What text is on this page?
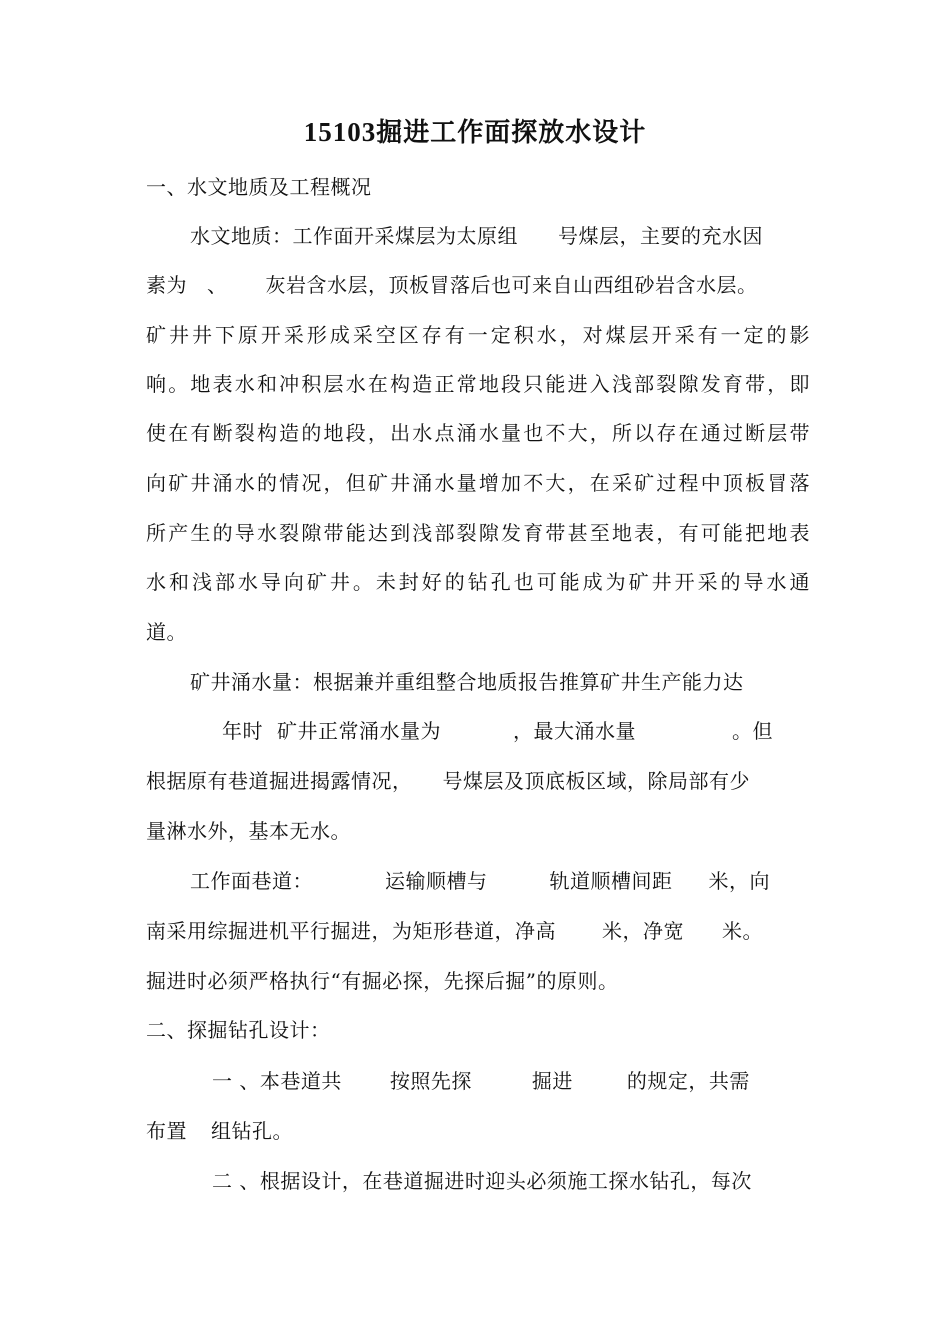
15103掘进工作面探放水设计
一、水文地质及工程概况
水文地质：工作面开采煤层为太原组 号煤层，主要的充水因
素为 、 灰岩含水层，顶板冒落后也可来自山西组砂岩含水层。
矿井井下原开采形成采空区存有一定积水，对煤层开采有一定的影
响。地表水和冲积层水在构造正常地段只能进入浅部裂隙发育带，即
使在有断裂构造的地段，出水点涌水量也不大，所以存在通过断层带
向矿井涌水的情况，但矿井涌水量增加不大，在采矿过程中顶板冒落
所产生的导水裂隙带能达到浅部裂隙发育带甚至地表，有可能把地表
水和浅部水导向矿井。未封好的钻孔也可能成为矿井开采的导水通
道。
矿井涌水量：根据兼并重组整合地质报告推算矿井生产能力达
年时 矿井正常涌水量为	，最大涌水量	。但
根据原有巷道掘进揭露情况， 号煤层及顶底板区域，除局部有少
量淋水外，基本无水。
工作面巷道：	运输顺槽与	轨道顺槽间距 米，向
南采用综掘进机平行掘进，为矩形巷道，净高 米，净宽 米。
掘进时必须严格执行“有掘必探，先探后掘”的原则。
二、探掘钻孔设计：
一 、本巷道共 按照先探	掘进	的规定，共需
布置 组钻孔。
二 、根据设计，在巷道掘进时迎头必须施工探水钻孔，每次
